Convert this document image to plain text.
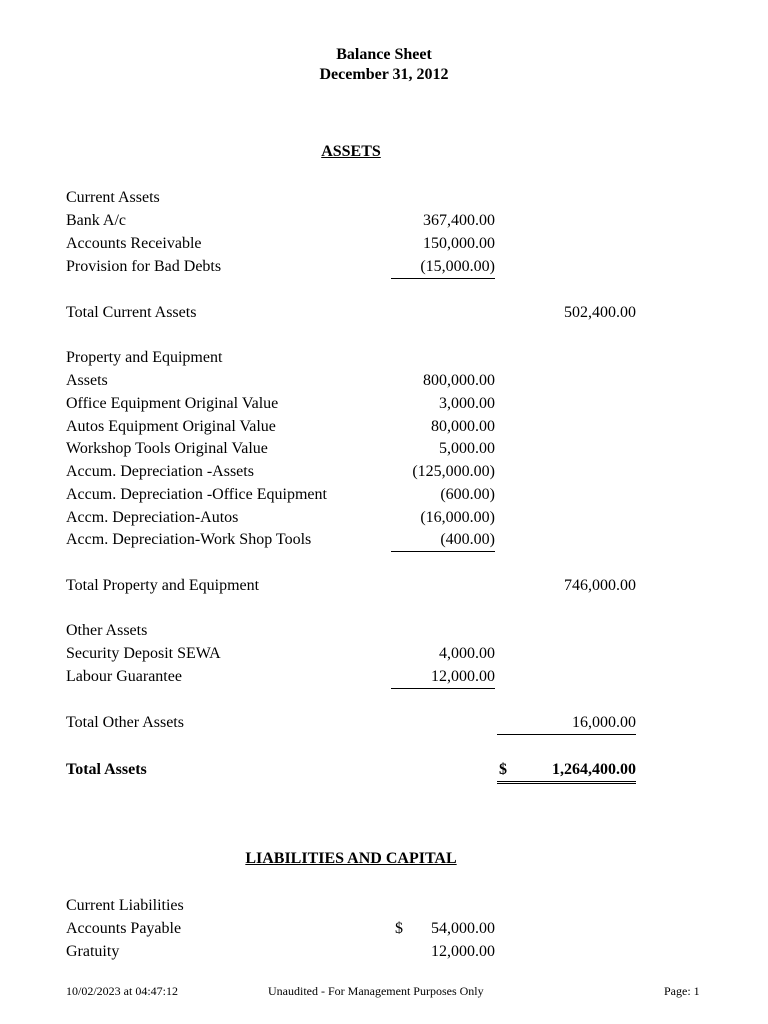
Balance Sheet
December 31, 2012
ASSETS
Current Assets
Bank A/c	367,400.00
Accounts Receivable	150,000.00
Provision for Bad Debts	(15,000.00)
Total Current Assets	502,400.00
Property and Equipment
Assets	800,000.00
Office Equipment Original Value	3,000.00
Autos Equipment Original Value	80,000.00
Workshop Tools Original Value	5,000.00
Accum. Depreciation -Assets	(125,000.00)
Accum. Depreciation -Office Equipment	(600.00)
Accm. Depreciation-Autos	(16,000.00)
Accm. Depreciation-Work Shop Tools	(400.00)
Total Property and Equipment	746,000.00
Other Assets
Security Deposit SEWA	4,000.00
Labour Guarantee	12,000.00
Total Other Assets	16,000.00
Total Assets	$	1,264,400.00
LIABILITIES AND CAPITAL
Current Liabilities
Accounts Payable	$ 54,000.00
Gratuity	12,000.00
10/02/2023 at 04:47:12	Unaudited - For Management Purposes Only	Page: 1
